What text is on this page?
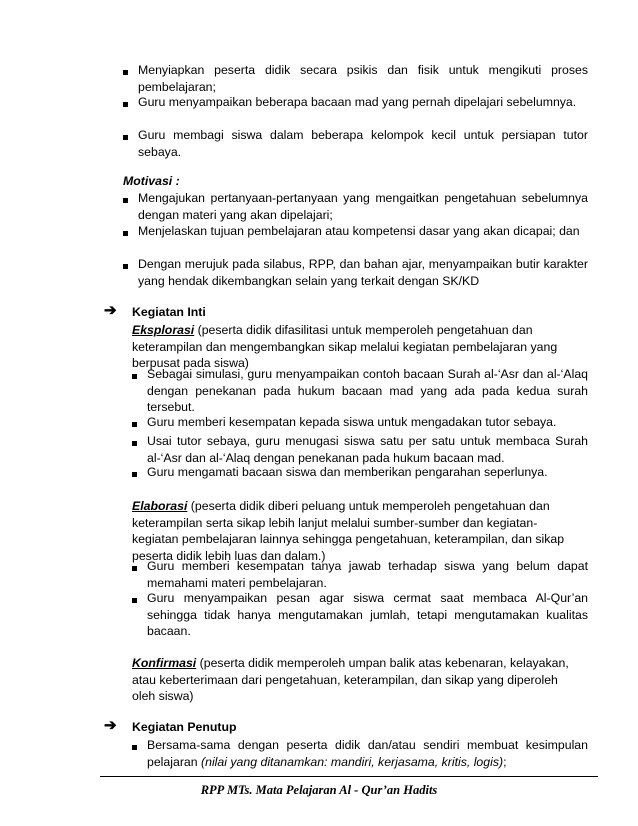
Menyiapkan peserta didik secara psikis dan fisik untuk mengikuti proses pembelajaran;
Guru menyampaikan beberapa bacaan mad yang pernah dipelajari sebelumnya.
Guru membagi siswa dalam beberapa kelompok kecil untuk persiapan tutor sebaya.
Motivasi :
Mengajukan pertanyaan-pertanyaan yang mengaitkan pengetahuan sebelumnya dengan materi yang akan dipelajari;
Menjelaskan tujuan pembelajaran atau kompetensi dasar yang akan dicapai; dan
Dengan merujuk pada silabus, RPP, dan bahan ajar, menyampaikan butir karakter yang hendak dikembangkan selain yang terkait dengan SK/KD
➔ Kegiatan Inti
Eksplorasi (peserta didik difasilitasi untuk memperoleh pengetahuan dan keterampilan dan mengembangkan sikap melalui kegiatan pembelajaran yang berpusat pada siswa)
Sebagai simulasi, guru menyampaikan contoh bacaan Surah al-‘Asr dan al-‘Alaq dengan penekanan pada hukum bacaan mad yang ada pada kedua surah tersebut.
Guru memberi kesempatan kepada siswa untuk mengadakan tutor sebaya.
Usai tutor sebaya, guru menugasi siswa satu per satu untuk membaca Surah al-‘Asr dan al-‘Alaq dengan penekanan pada hukum bacaan mad.
Guru mengamati bacaan siswa dan memberikan pengarahan seperlunya.
Elaborasi (peserta didik diberi peluang untuk memperoleh pengetahuan dan keterampilan serta sikap lebih lanjut melalui sumber-sumber dan kegiatan-kegiatan pembelajaran lainnya sehingga pengetahuan, keterampilan, dan sikap peserta didik lebih luas dan dalam.)
Guru memberi kesempatan tanya jawab terhadap siswa yang belum dapat memahami materi pembelajaran.
Guru menyampaikan pesan agar siswa cermat saat membaca Al-Qur’an sehingga tidak hanya mengutamakan jumlah, tetapi mengutamakan kualitas bacaan.
Konfirmasi (peserta didik memperoleh umpan balik atas kebenaran, kelayakan, atau keberterimaan dari pengetahuan, keterampilan, dan sikap yang diperoleh oleh siswa)
➔ Kegiatan Penutup
Bersama-sama dengan peserta didik dan/atau sendiri membuat kesimpulan pelajaran (nilai yang ditanamkan: mandiri, kerjasama, kritis, logis);
RPP MTs. Mata Pelajaran Al - Qur’an Hadits
